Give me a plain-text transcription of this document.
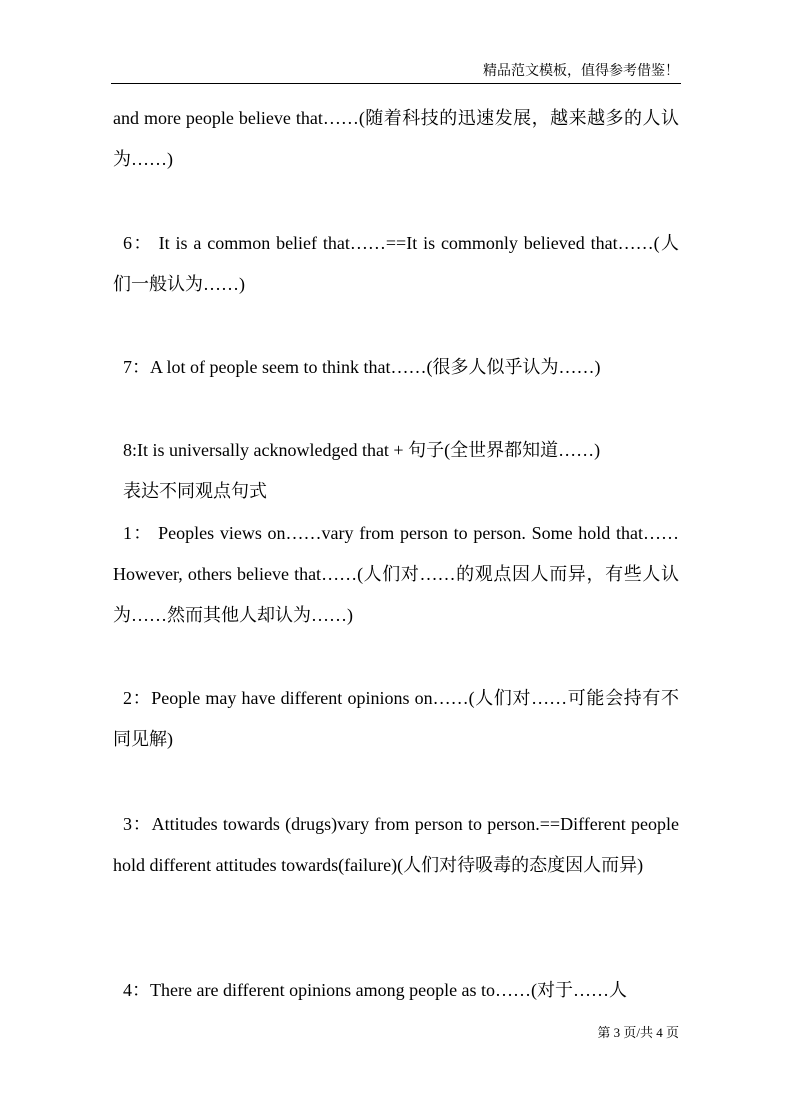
精品范文模板，值得参考借鉴！

and more people believe that……(随着科技的迅速发展，越来越多的人认为……)

6： It is a common belief that……==It is commonly believed that……(人们一般认为……)

7：A lot of people seem to think that……(很多人似乎认为……)

8:It is universally acknowledged that + 句子(全世界都知道……)

表达不同观点句式

1： Peoples views on……vary from person to person. Some hold that……However, others believe that……(人们对……的观点因人而异，有些人认为……然而其他人却认为……)

2：People may have different opinions on……(人们对……可能会持有不同见解)

3：Attitudes towards (drugs)vary from person to person.==Different people hold different attitudes towards(failure)(人们对待吸毒的态度因人而异)

4：There are different opinions among people as to……(对于……人

第 3 页/共 4 页
